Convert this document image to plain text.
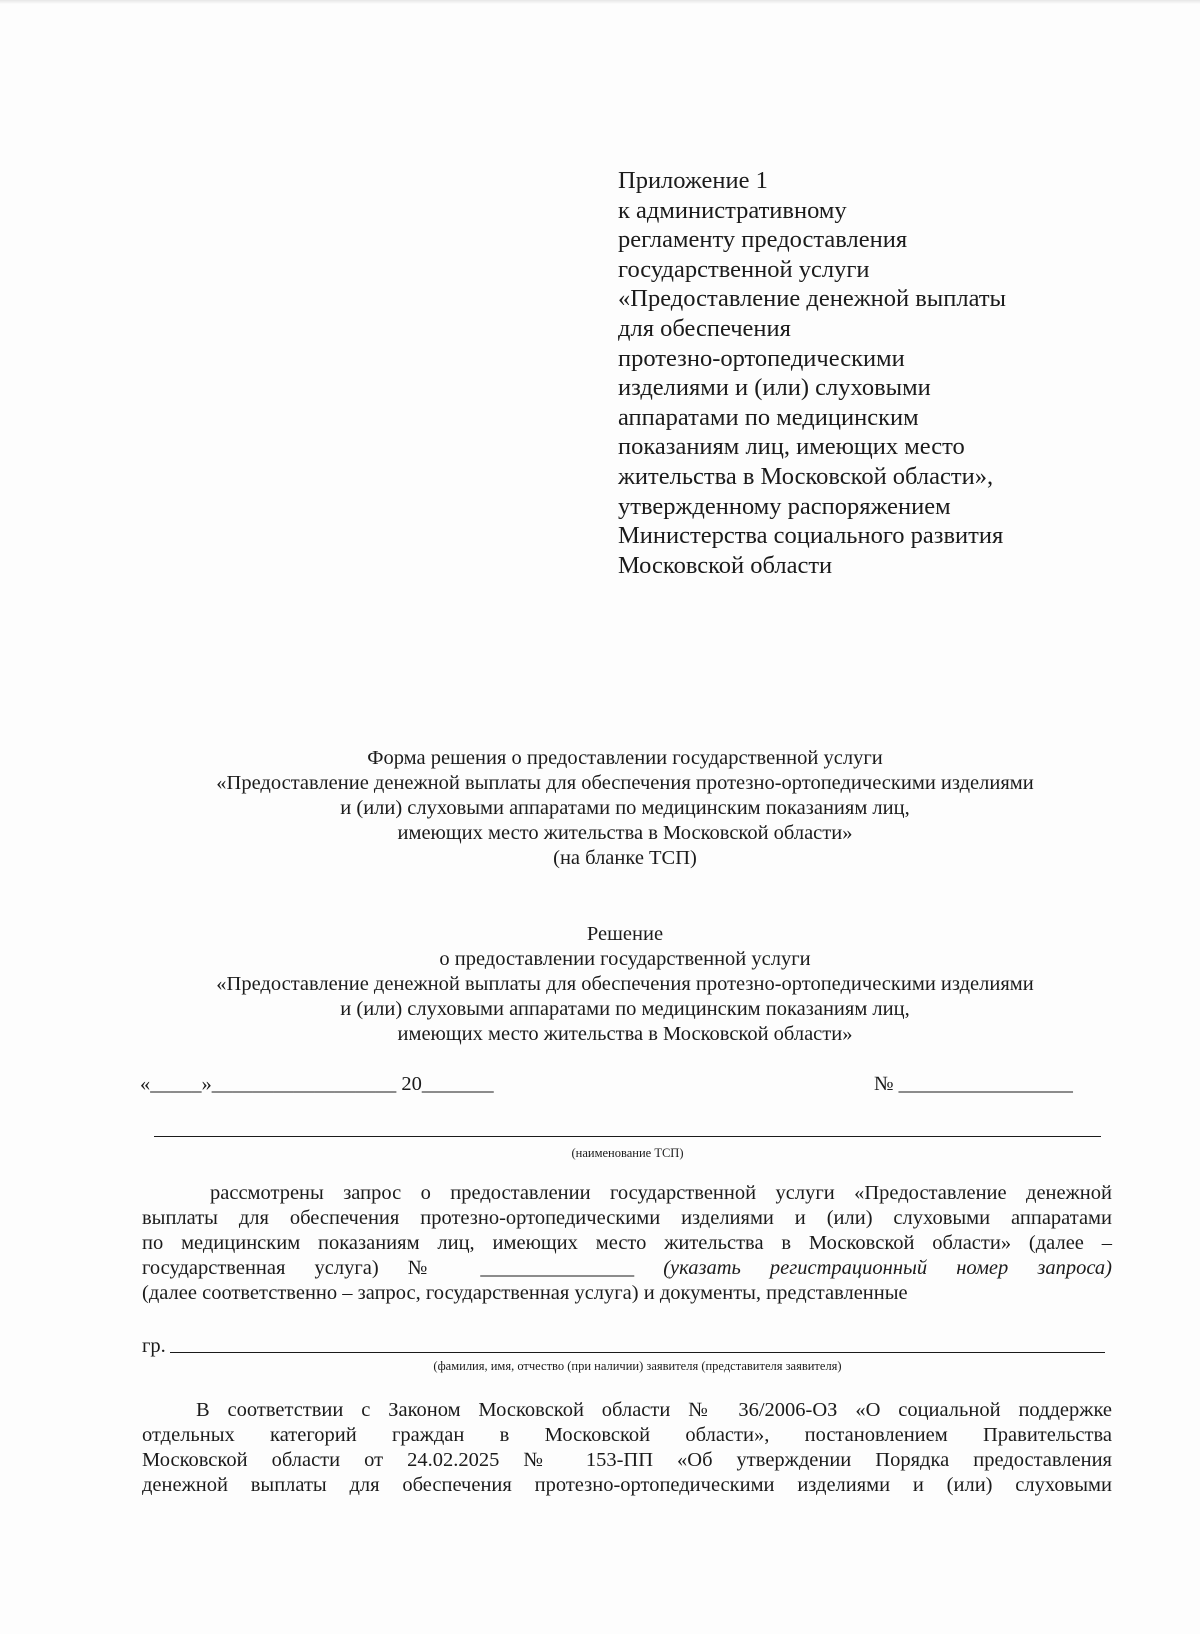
Приложение 1
к административному
регламенту предоставления
государственной услуги
«Предоставление денежной выплаты
для обеспечения
протезно-ортопедическими
изделиями и (или) слуховыми
аппаратами по медицинским
показаниям лиц, имеющих место
жительства в Московской области»,
утвержденному распоряжением
Министерства социального развития
Московской области
Форма решения о предоставлении государственной услуги
«Предоставление денежной выплаты для обеспечения протезно-ортопедическими изделиями
и (или) слуховыми аппаратами по медицинским показаниям лиц,
имеющих место жительства в Московской области»
(на бланке ТСП)
Решение
о предоставлении государственной услуги
«Предоставление денежной выплаты для обеспечения протезно-ортопедическими изделиями
и (или) слуховыми аппаратами по медицинским показаниям лиц,
имеющих место жительства в Московской области»
«_____»__________________ 20_______	№ _________________
(наименование ТСП)
рассмотрены запрос о предоставлении государственной услуги «Предоставление денежной
выплаты для обеспечения протезно-ортопедическими изделиями и (или) слуховыми аппаратами
по медицинским показаниям лиц, имеющих место жительства в Московской области» (далее –
государственная услуга) № _______________ (указать регистрационный номер запроса)
(далее соответственно – запрос, государственная услуга) и документы, представленные
гр.
(фамилия, имя, отчество (при наличии) заявителя (представителя заявителя)
В соответствии с Законом Московской области № 36/2006-ОЗ «О социальной поддержке
отдельных категорий граждан в Московской области», постановлением Правительства
Московской области от 24.02.2025 № 153-ПП «Об утверждении Порядка предоставления
денежной выплаты для обеспечения протезно-ортопедическими изделиями и (или) слуховыми
